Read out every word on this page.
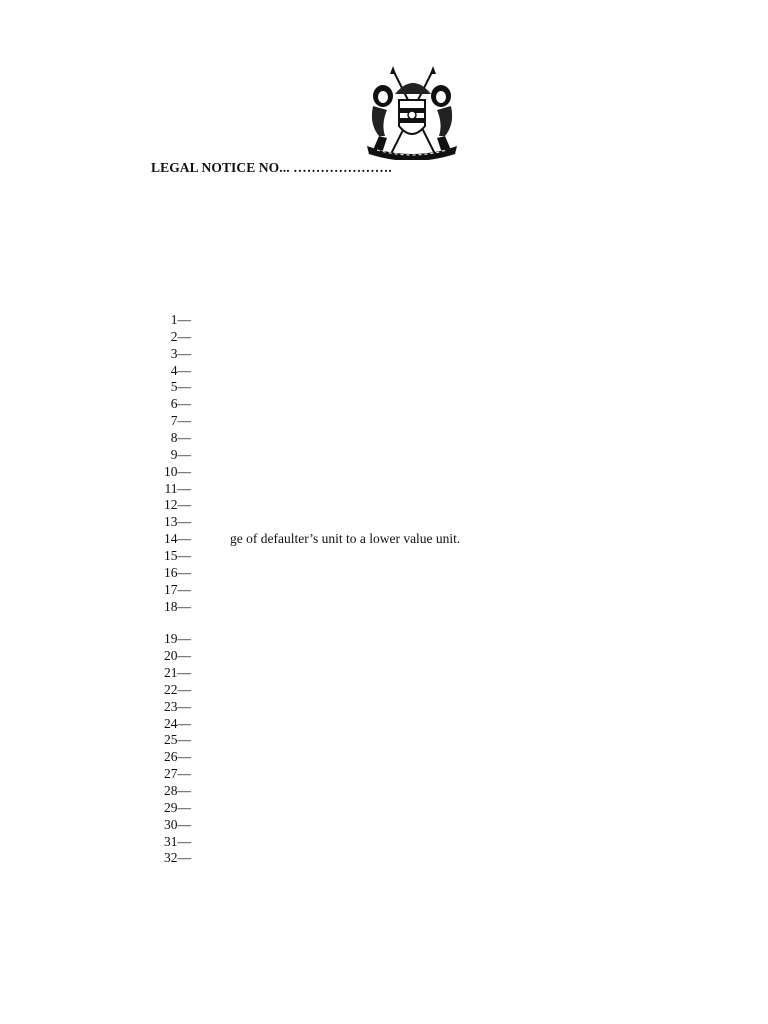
LEGAL NOTICE NO... ………………….
1—
2—
3—
4—
5—
6—
7—
8—
9—
10—
11—
12—
13—
14—	ge of defaulter’s unit to a lower value unit.
15—
16—
17—
18—
19—
20—
21—
22—
23—
24—
25—
26—
27—
28—
29—
30—
31—
32—
